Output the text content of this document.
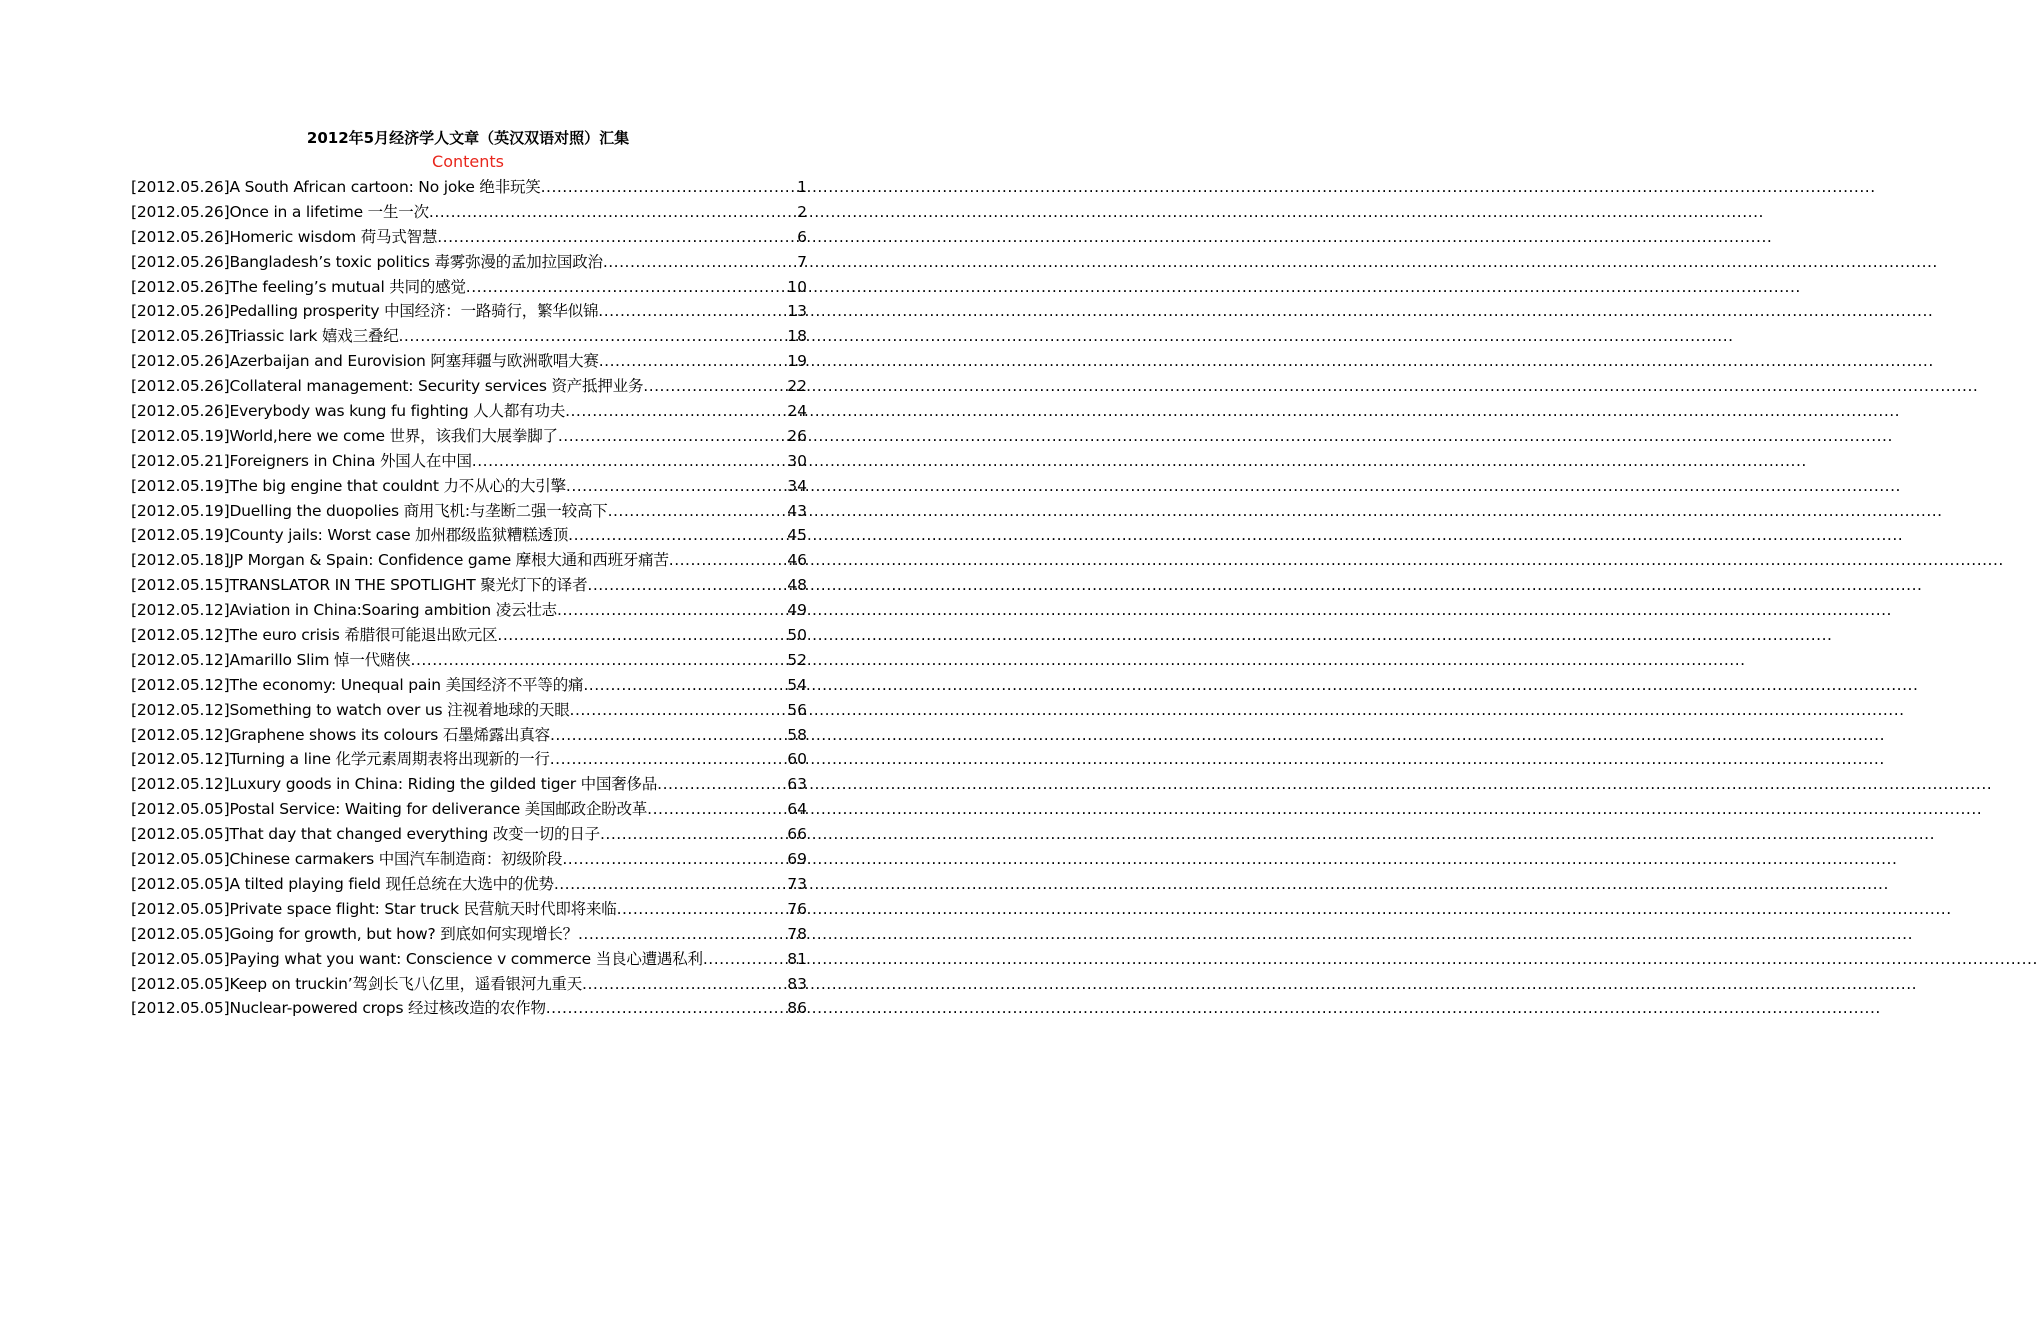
2012年5月经济学人文章（英汉双语对照）汇集
Contents
[2012.05.26]A South African cartoon: No joke 绝非玩笑 .....	1
[2012.05.26]Once in a lifetime 一生一次 .....	2
[2012.05.26]Homeric wisdom 荷马式智慧 .....	6
[2012.05.26]Bangladesh’s toxic politics 毒雾弥漫的孟加拉国政治 .....	7
[2012.05.26]The feeling’s mutual 共同的感觉 .....	10
[2012.05.26]Pedalling prosperity 中国经济：一路骑行，繁华似锦 .....	13
[2012.05.26]Triassic lark 嬉戏三叠纪 .....	18
[2012.05.26]Azerbaijan and Eurovision 阿塞拜疆与欧洲歌唱大赛 .....	19
[2012.05.26]Collateral management: Security services 资产抵押业务 .....	22
[2012.05.26]Everybody was kung fu fighting 人人都有功夫 .....	24
[2012.05.19]World,here we come 世界，该我们大展拳脚了 .....	26
[2012.05.21]Foreigners in China 外国人在中国 .....	30
[2012.05.19]The big engine that couldnt 力不从心的大引擎 .....	34
[2012.05.19]Duelling the duopolies 商用飞机:与垄断二强一较高下 .....	43
[2012.05.19]County jails: Worst case 加州郡级监狱糟糕透顶 .....	45
[2012.05.18]JP Morgan & Spain: Confidence game 摩根大通和西班牙痛苦 .....	46
[2012.05.15]TRANSLATOR IN THE SPOTLIGHT 聚光灯下的译者 .....	48
[2012.05.12]Aviation in China:Soaring ambition 凌云壮志 .....	49
[2012.05.12]The euro crisis 希腊很可能退出欧元区 .....	50
[2012.05.12]Amarillo Slim 悼一代赌侠 .....	52
[2012.05.12]The economy: Unequal pain 美国经济不平等的痛 .....	54
[2012.05.12]Something to watch over us 注视着地球的天眼 .....	56
[2012.05.12]Graphene shows its colours 石墨烯露出真容 .....	58
[2012.05.12]Turning a line 化学元素周期表将出现新的一行 .....	60
[2012.05.12]Luxury goods in China: Riding the gilded tiger 中国奢侈品 .....	63
[2012.05.05]Postal Service: Waiting for deliverance 美国邮政企盼改革 .....	64
[2012.05.05]That day that changed everything 改变一切的日子 .....	66
[2012.05.05]Chinese carmakers 中国汽车制造商：初级阶段 .....	69
[2012.05.05]A tilted playing field 现任总统在大选中的优势 .....	73
[2012.05.05]Private space flight: Star truck 民营航天时代即将来临 .....	76
[2012.05.05]Going for growth, but how? 到底如何实现增长？ .....	78
[2012.05.05]Paying what you want: Conscience v commerce 当良心遭遇私利 .....	81
[2012.05.05]Keep on truckin’驾剑长飞八亿里，遥看银河九重天 .....	83
[2012.05.05]Nuclear-powered crops 经过核改造的农作物 .....	86
